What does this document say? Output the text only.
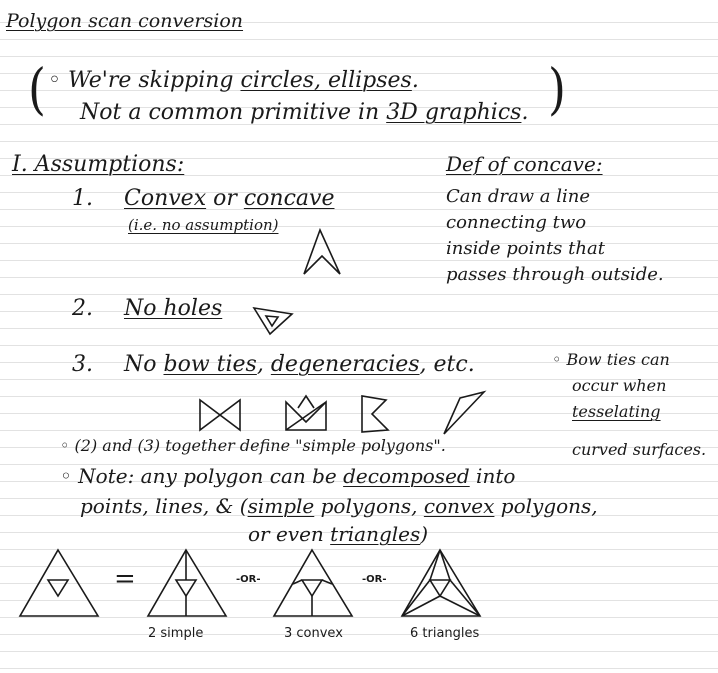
Polygon scan conversion
( ◦ We're skipping circles, ellipses.
Not a common primitive in 3D graphics. )
I. Assumptions:
1. Convex or concave
(i.e. no assumption)
Def of concave:
Can draw a line
connecting two
inside points that
passes through outside.
2. No holes
3. No bow ties, degeneracies, etc.	◦ Bow ties can
occur when
tesselating
curved surfaces.
◦ (2) and (3) together define "simple polygons".
◦ Note: any polygon can be decomposed into
points, lines, & (simple polygons, convex polygons,
or even triangles)
=
2 simple
-OR-
3 convex
-OR-
6 triangles
